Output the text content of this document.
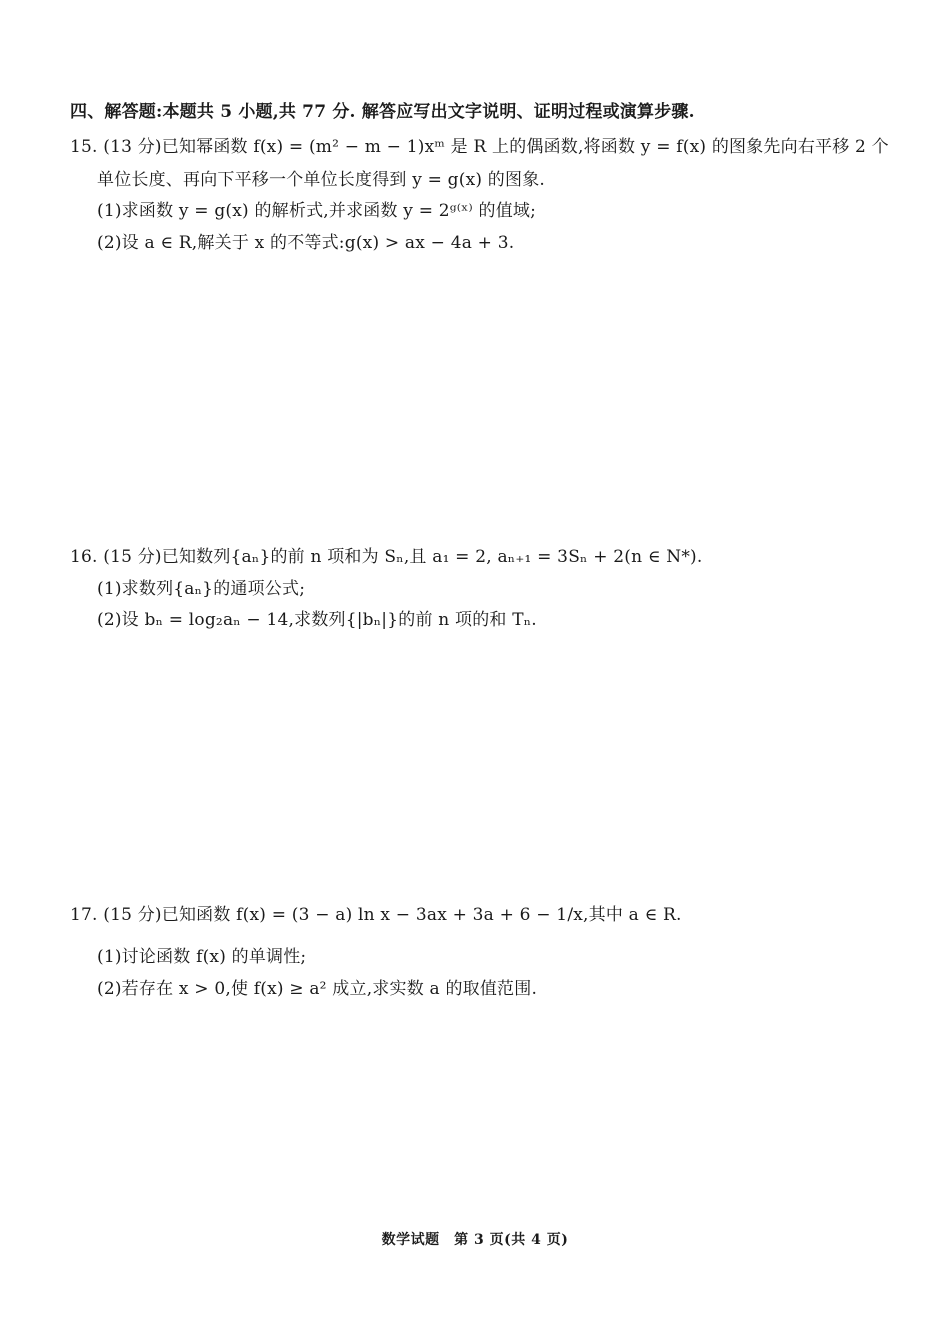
四、解答题:本题共 5 小题,共 77 分. 解答应写出文字说明、证明过程或演算步骤.
15. (13 分)已知幂函数 f(x) = (m² − m − 1)xᵐ 是 R 上的偶函数,将函数 y = f(x) 的图象先向右平移 2 个
单位长度、再向下平移一个单位长度得到 y = g(x) 的图象.
(1)求函数 y = g(x) 的解析式,并求函数 y = 2ᵍ⁽ˣ⁾ 的值域;
(2)设 a ∈ R,解关于 x 的不等式:g(x) > ax − 4a + 3.
16. (15 分)已知数列{aₙ}的前 n 项和为 Sₙ,且 a₁ = 2, aₙ₊₁ = 3Sₙ + 2(n ∈ N*).
(1)求数列{aₙ}的通项公式;
(2)设 bₙ = log₂aₙ − 14,求数列{|bₙ|}的前 n 项的和 Tₙ.
17. (15 分)已知函数 f(x) = (3 − a) ln x − 3ax + 3a + 6 − 1/x,其中 a ∈ R.
(1)讨论函数 f(x) 的单调性;
(2)若存在 x > 0,使 f(x) ≥ a² 成立,求实数 a 的取值范围.
数学试题　第 3 页(共 4 页)
